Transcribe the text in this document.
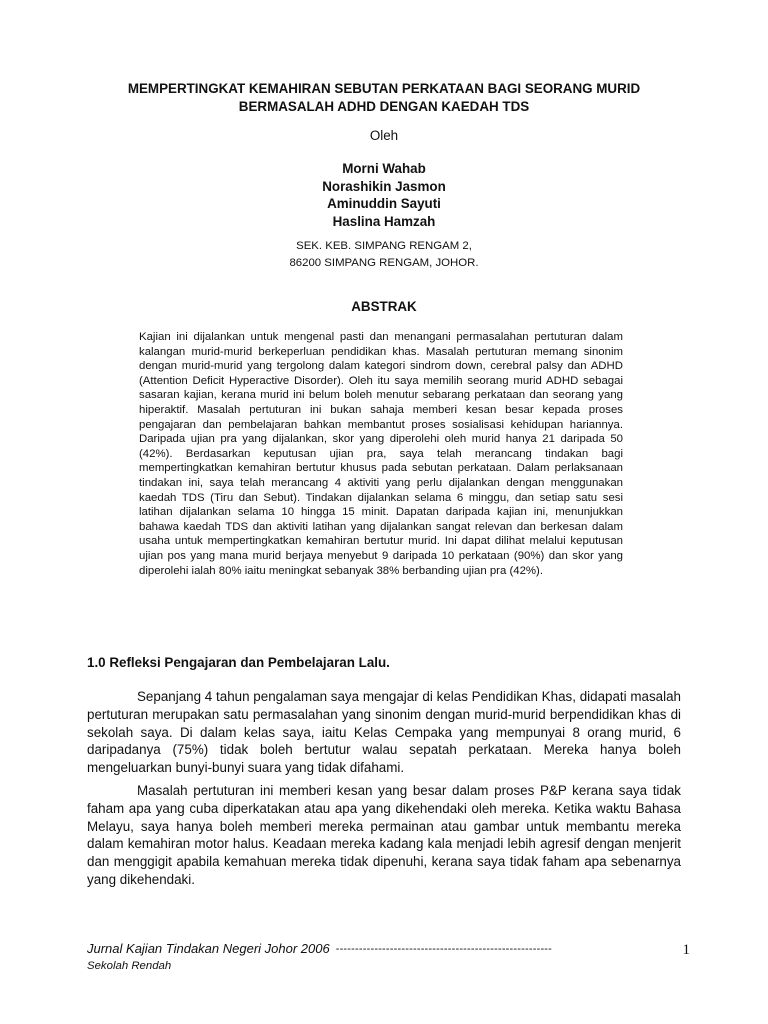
MEMPERTINGKAT KEMAHIRAN SEBUTAN PERKATAAN BAGI SEORANG MURID
BERMASALAH ADHD DENGAN KAEDAH TDS
Oleh
Morni Wahab
Norashikin Jasmon
Aminuddin Sayuti
Haslina Hamzah
SEK. KEB. SIMPANG RENGAM 2,
86200 SIMPANG RENGAM, JOHOR.
ABSTRAK

Kajian ini dijalankan untuk mengenal pasti dan menangani permasalahan pertuturan dalam kalangan murid-murid berkeperluan pendidikan khas. Masalah pertuturan memang sinonim dengan murid-murid yang tergolong dalam kategori sindrom down, cerebral palsy dan ADHD (Attention Deficit Hyperactive Disorder). Oleh itu saya memilih seorang murid ADHD sebagai sasaran kajian, kerana murid ini belum boleh menutur sebarang perkataan dan seorang yang hiperaktif. Masalah pertuturan ini bukan sahaja memberi kesan besar kepada proses pengajaran dan pembelajaran bahkan membantut proses sosialisasi kehidupan hariannya. Daripada ujian pra yang dijalankan, skor yang diperolehi oleh murid hanya 21 daripada 50 (42%). Berdasarkan keputusan ujian pra, saya telah merancang tindakan bagi mempertingkatkan kemahiran bertutur khusus pada sebutan perkataan. Dalam perlaksanaan tindakan ini, saya telah merancang 4 aktiviti yang perlu dijalankan dengan menggunakan kaedah TDS (Tiru dan Sebut). Tindakan dijalankan selama 6 minggu, dan setiap satu sesi latihan dijalankan selama 10 hingga 15 minit. Dapatan daripada kajian ini, menunjukkan bahawa kaedah TDS dan aktiviti latihan yang dijalankan sangat relevan dan berkesan dalam usaha untuk mempertingkatkan kemahiran bertutur murid. Ini dapat dilihat melalui keputusan ujian pos yang mana murid berjaya menyebut 9 daripada 10 perkataan (90%) dan skor yang diperolehi ialah 80% iaitu meningkat sebanyak 38% berbanding ujian pra (42%).

1.0 Refleksi Pengajaran dan Pembelajaran Lalu.

Sepanjang 4 tahun pengalaman saya mengajar di kelas Pendidikan Khas, didapati masalah pertuturan merupakan satu permasalahan yang sinonim dengan murid-murid berpendidikan khas di sekolah saya. Di dalam kelas saya, iaitu Kelas Cempaka yang mempunyai 8 orang murid, 6 daripadanya (75%) tidak boleh bertutur walau sepatah perkataan. Mereka hanya boleh mengeluarkan bunyi-bunyi suara yang tidak difahami.

Masalah pertuturan ini memberi kesan yang besar dalam proses P&P kerana saya tidak faham apa yang cuba diperkatakan atau apa yang dikehendaki oleh mereka. Ketika waktu Bahasa Melayu, saya hanya boleh memberi mereka permainan atau gambar untuk membantu mereka dalam kemahiran motor halus. Keadaan mereka kadang kala menjadi lebih agresif dengan menjerit dan menggigit apabila kemahuan mereka tidak dipenuhi, kerana saya tidak faham apa sebenarnya yang dikehendaki.

Jurnal Kajian Tindakan Negeri Johor 2006 --------------------------------------------------------
Sekolah Rendah
1
